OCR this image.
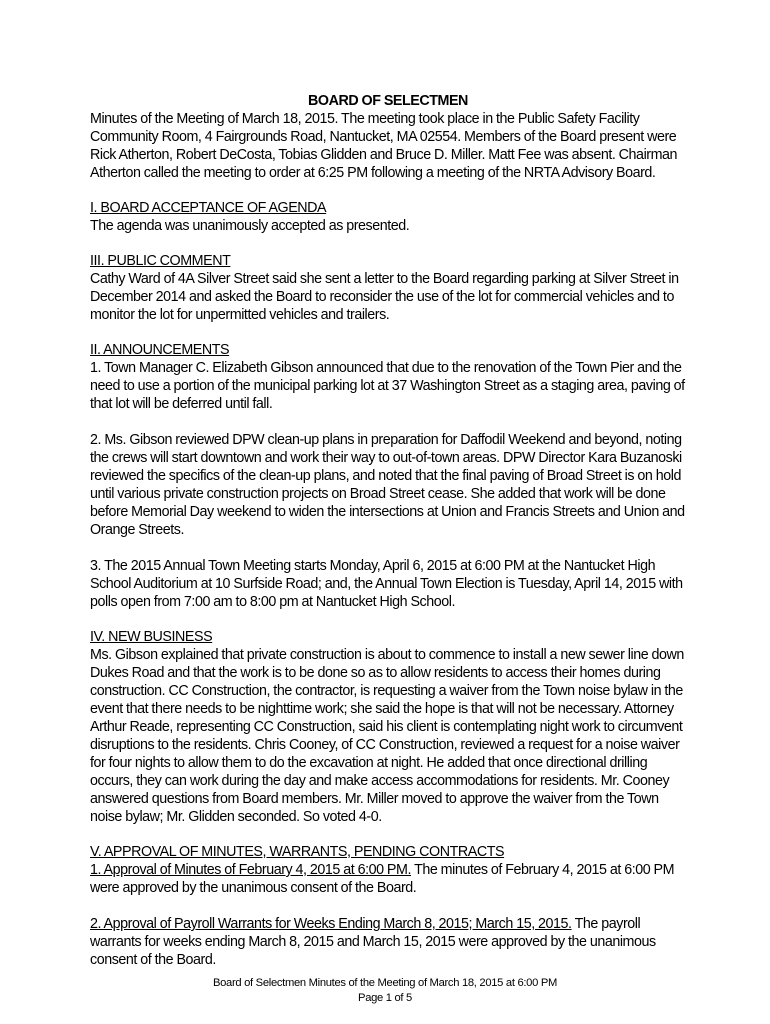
BOARD OF SELECTMEN

Minutes of the Meeting of March 18, 2015. The meeting took place in the Public Safety Facility Community Room, 4 Fairgrounds Road, Nantucket, MA 02554. Members of the Board present were Rick Atherton, Robert DeCosta, Tobias Glidden and Bruce D. Miller. Matt Fee was absent. Chairman Atherton called the meeting to order at 6:25 PM following a meeting of the NRTA Advisory Board.

I. BOARD ACCEPTANCE OF AGENDA

The agenda was unanimously accepted as presented.

III. PUBLIC COMMENT

Cathy Ward of 4A Silver Street said she sent a letter to the Board regarding parking at Silver Street in December 2014 and asked the Board to reconsider the use of the lot for commercial vehicles and to monitor the lot for unpermitted vehicles and trailers.

II. ANNOUNCEMENTS

1. Town Manager C. Elizabeth Gibson announced that due to the renovation of the Town Pier and the need to use a portion of the municipal parking lot at 37 Washington Street as a staging area, paving of that lot will be deferred until fall.

2. Ms. Gibson reviewed DPW clean-up plans in preparation for Daffodil Weekend and beyond, noting the crews will start downtown and work their way to out-of-town areas. DPW Director Kara Buzanoski reviewed the specifics of the clean-up plans, and noted that the final paving of Broad Street is on hold until various private construction projects on Broad Street cease. She added that work will be done before Memorial Day weekend to widen the intersections at Union and Francis Streets and Union and Orange Streets.

3. The 2015 Annual Town Meeting starts Monday, April 6, 2015 at 6:00 PM at the Nantucket High School Auditorium at 10 Surfside Road; and, the Annual Town Election is Tuesday, April 14, 2015 with polls open from 7:00 am to 8:00 pm at Nantucket High School.

IV. NEW BUSINESS

Ms. Gibson explained that private construction is about to commence to install a new sewer line down Dukes Road and that the work is to be done so as to allow residents to access their homes during construction. CC Construction, the contractor, is requesting a waiver from the Town noise bylaw in the event that there needs to be nighttime work; she said the hope is that will not be necessary. Attorney Arthur Reade, representing CC Construction, said his client is contemplating night work to circumvent disruptions to the residents. Chris Cooney, of CC Construction, reviewed a request for a noise waiver for four nights to allow them to do the excavation at night. He added that once directional drilling occurs, they can work during the day and make access accommodations for residents. Mr. Cooney answered questions from Board members. Mr. Miller moved to approve the waiver from the Town noise bylaw; Mr. Glidden seconded. So voted 4-0.

V. APPROVAL OF MINUTES, WARRANTS, PENDING CONTRACTS

1. Approval of Minutes of February 4, 2015 at 6:00 PM. The minutes of February 4, 2015 at 6:00 PM were approved by the unanimous consent of the Board.

2. Approval of Payroll Warrants for Weeks Ending March 8, 2015; March 15, 2015. The payroll warrants for weeks ending March 8, 2015 and March 15, 2015 were approved by the unanimous consent of the Board.

Board of Selectmen Minutes of the Meeting of March 18, 2015 at 6:00 PM
Page 1 of 5
